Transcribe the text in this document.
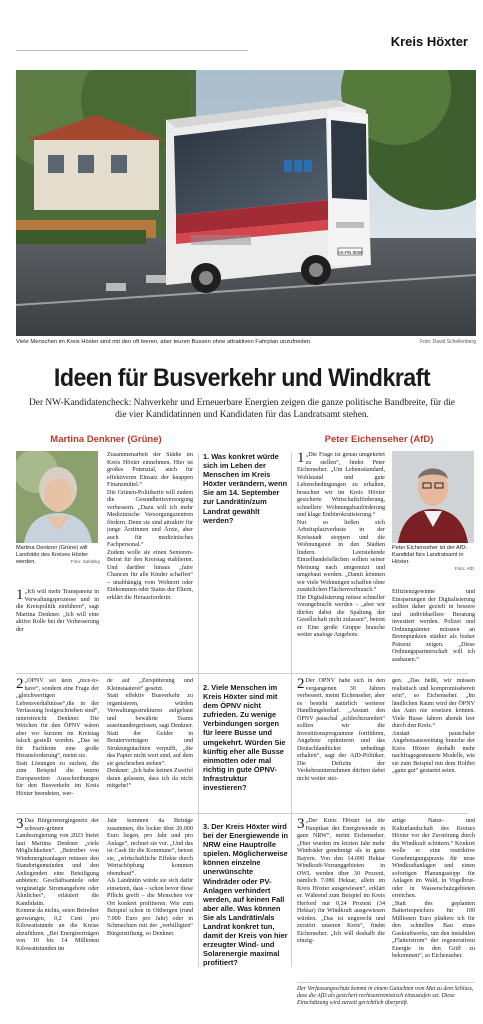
Kreis Höxter
HX-PN 8008
Viele Menschen im Kreis Höxter sind mit den oft leeren, aber teuren Bussen ohne attraktiven Fahrplan unzufrieden.	Foto: David Schellenberg
Ideen für Busverkehr und Windkraft
Der NW-Kandidatencheck: Nahverkehr und Erneuerbare Energien zeigen die ganze politische Bandbreite, für die die vier Kandidatinnen und Kandidaten für das Landratsamt stehen.
Martina Denkner (Grüne)	Peter Eichenseher (AfD)
Martina Denkner (Grüne) will Landrätin des Kreises Höxter werden.	Foto: Sahitsky
Peter Eichenseher ist der AfD-Kandidat fürs Landratsamt in Höxter.
Foto: AfD
1. Was konkret würde sich im Leben der Menschen im Kreis Höxter verändern, wenn Sie am 14. September zur Landrätin/zum Landrat gewählt werden?
2. Viele Menschen im Kreis Höxter sind mit dem ÖPNV nicht zufrieden. Zu wenige Verbindungen sorgen für leere Busse und umgekehrt. Würden Sie künftig eher alle Busse einmotten oder mal richtig in gute ÖPNV-Infrastruktur investieren?
3. Der Kreis Höxter wird bei der Energiewende in NRW eine Hauptrolle spielen. Möglicherweise können einzelne unerwünschte Windräder oder PV-Anlagen verhindert werden, auf keinen Fall aber alle. Was können Sie als Landrätin/als Landrat konkret tun, damit der Kreis von hier erzeugter Wind- und Solarenergie maximal profitiert?
1 „Ich will mehr Transparenz in Verwaltungsprozesse und in die Kreispolitik einführen“, sagt Martina Denkner. „Ich will eine aktive Rolle bei der Verbesserung der
Zusammenarbeit der Städte im Kreis Höxter einnehmen. Hier ist großes Potenzial, auch für effektiveren Einsatz der knappen Finanzmittel.“
Die Grünen-Politikerin will zudem die Gesundheitsversorgung verbessern. „Dazu will ich mehr Medizinische Versorgungszentren fördern. Denn sie sind attraktiv für junge Ärztinnen und Ärzte, aber auch für medizinisches Fachpersonal.“
Zudem wolle sie einen Senioren-Beirat für den Kreistag etablieren. Und darüber hinaus „faire Chancen für alle Kinder schaffen“ – unabhängig vom Wohnort oder Einkommen oder Status der Eltern, erklärt die Herausforderin.
2 „ÖPNV sei kein „nice-to-have“, sondern eine Frage der „gleichwertigen Lebensverhältnisse“,die in der Verfassung festgeschrieben sind“, unterstreicht Denkner. Die Weichen für den ÖPNV wären aber vor kurzem im Kreistag falsch gestellt worden. „Das ist für Fachleute eine große Herausforderung“, meint sie.
Statt Lösungen zu suchen, die zum Beispiel die teuren Europaweiten Ausschreibungen für den Busverkehr im Kreis Höxter beendeten, wer-
de auf „Zerspitterung und Kleinstaaterei“ gesetzt.
Statt effektiv Busverkehr zu organisieren, würden Verwaltungsstrukturen aufgebaut und bewährte Teams auseinandergerissen, sagt Denkner. Statt der Gelder in Beraterverträgen und Strukturgutachten verpufft, „die das Papier nicht wert sind, auf dem sie geschrieben stehen“.
Denkner: „Ich habe keinen Zweifel daran gelassen, dass ich da nicht mitgehe!“
3 Das Bürgerenergiegesetz der schwarz-grünen Landesregierung von 2023 bietet laut Martina Denkner „viele Möglichkeiten“. „Betreiber von Windenergieanlagen müssen den Standortgemeinden und den Anliegenden eine Beteiligung anbieten: Geschäftsanteile oder vergünstigte Stromangebote oder Ähnliches“, erläutert die Kandidatin.
Komme da nichts, seien Betreiber gezwungen, 0,2 Cent pro Kilowattstunde an die Kreise abzuführen. „Bei Energieerträgen von 10 bis 14 Millionen Kilowattstunden im
Jahr kommen da Beträge zusammen, die locker über 20.000 Euro liegen, pro Jahr und pro Anlage“, rechnet sie vor. „Und das ist Cash für die Kommune“, betont sie, „wirtschaftliche Effekte durch Wertschöpfung kommen obendrauf“.
Als Landrätin würde sie sich dafür einsetzen, dass – schon bevor diese Pflicht greift – die Menschen vor Ort konkret profitieren. Wie zum Beispiel schon in Ottbergen (rund 7.000 Euro pro Jahr) oder in Schmechten mit der „verbilligten“ Bürgerstiftung, so Denkner.
1 „Die Frage ist genau umgekehrt zu stellen“, findet Peter Eichenseher. „Um Lebensstandard, Wohlstand und gute Lebensbedingungen zu erhalten, brauchen wir im Kreis Höxter gesicherte Wirtschaftsförderung, schnellere Wohnungsbauförderung und klage Entbürokratisierung.“
Nur so ließen sich Arbeitsplatzverluste in der Kreisstadt stoppen und die Wohnungsnot in den Städten lindern. Leerstehende Einzelhandelsflächen sollten seiner Meinung nach umgenutzt und umgebaut werden. „Damit könnten wir viele Wohnungen schaffen ohne zusätzlichen Flächenverbrauch.“
Die Digitalisierung müsse schneller vorangebracht werden – „aber wir dürfen dabei die Spaltung der Gesellschaft nicht zulassen“, betont er. Eine große Gruppe brauche weiter analoge Angebote.
Effizienzgewinne und Einsparungen der Digitalisierung sollten daher gezielt in bessere und individuellere Beratung investiert werden. Polizei und Ordnungsämter müssten an Brennpunkten stärker als bisher Präsenz zeigen. „Diese Ordnungspartnerschaft will ich ausbauen.“
2 Der ÖPNV habe sich in den vergangenen 30 Jahren verbessert, meint Eichenseher, aber es besteht natürlich weiterer Handlungsbedarf. „Anstatt den ÖPNV pauschal „schlechtzureden“ sollten wir die Investitionsprogramme fortführen, Angebote optimieren und das Deutschlandticket unbedingt erhalten“, sagt der AfD-Politiker. Die Defizite der Verkehrsunternehmen dürften dabei nicht weiter stei-
gen. „Das heißt, wir müssen realistisch und kompromissbereit sein“, so Eichenseher. „Im ländlichen Raum wird der ÖPNV das Auto nie ersetzen können. Viele Busse fahren abends leer durch den Kreis.“
Anstatt pauschaler Angebotsausweitung brauche der Kreis Höxter deshalb mehr nachfragegesteuerte Modelle, wie sie zum Beispiel mit dem Holibri „ganz gut“ gestartet seien.
3 „Der Kreis Höxter ist die Hauptlast der Energiewende in ganz NRW“, meint Eichenseher. „Hier wurden im letzten Jahr mehr Windräder genehmigt als in ganz Bayern. Von den 14.090 Hektar Windkraft-Vorranggebieten in OWL werden über 30 Prozent, nämlich 7.086 Hektar, allein im Kreis Höxter ausgewiesen“, erklärt er. Während zum Beispiel im Kreis Herford nur 0,24 Prozent (34 Hektar) für Windkraft ausgewiesen würden. „Das ist ungerecht und zerstört unseren Kreis“, findet Eichenseher. „Ich will deshalb die einzig-
artige Natur- und Kulturlandschaft des Kreises Höxter vor der Zerstörung durch die Windkraft schützen.“ Konkret wolle er eine restriktive Genehmigungspraxis für neue Windkraftanlagen und einen sofortigen Planungsstopp für Anlagen im Wald, in Vogelbrut- oder in Wasserschutzgebieten erreichen.
„Statt des geplanten Batteriespeichers für 100 Millionen Euro plädiere ich für den schnellen Bau eines Gaskraftwerks, um den instabilen „Flatterstrom“ der regenerativen Energie in den Griff zu bekommen“, so Eichenseher.
Der Verfassungsschutz kommt in einem Gutachten vom Mai zu dem Schluss, dass die AfD als gesichert rechtsextremistisch einzustufen sei. Diese Einschätzung wird zurzeit gerichtlich überprüft.
